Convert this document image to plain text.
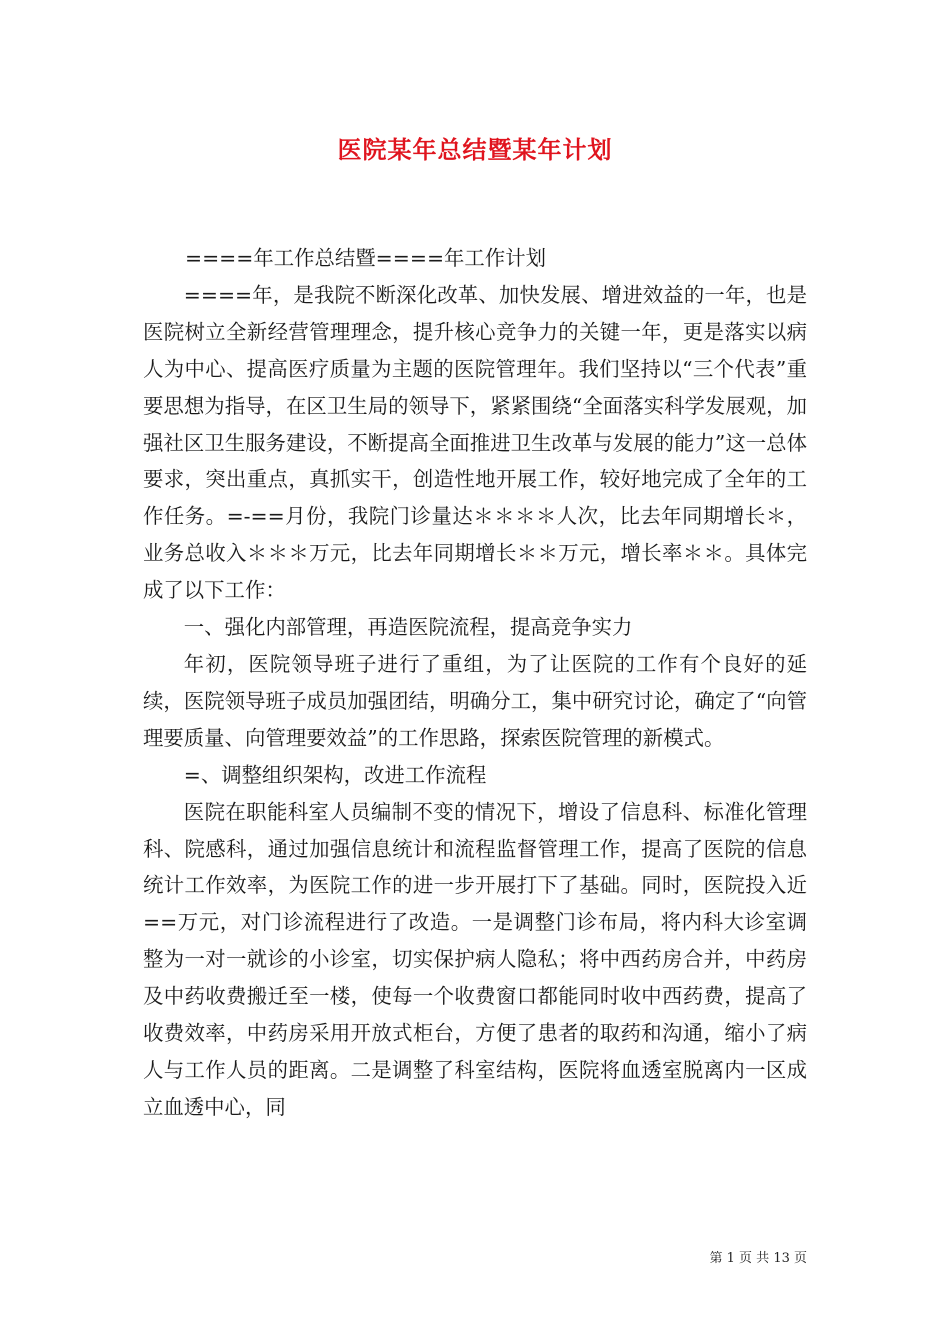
医院某年总结暨某年计划

====年工作总结暨====年工作计划

====年，是我院不断深化改革、加快发展、增进效益的一年，也是医院树立全新经营管理理念，提升核心竞争力的关键一年，更是落实以病人为中心、提高医疗质量为主题的医院管理年。我们坚持以“三个代表”重要思想为指导，在区卫生局的领导下，紧紧围绕“全面落实科学发展观，加强社区卫生服务建设，不断提高全面推进卫生改革与发展的能力”这一总体要求，突出重点，真抓实干，创造性地开展工作，较好地完成了全年的工作任务。=-==月份，我院门诊量达＊＊＊＊人次，比去年同期增长＊，业务总收入＊＊＊万元，比去年同期增长＊＊万元，增长率＊＊。具体完成了以下工作：

一、强化内部管理，再造医院流程，提高竞争实力

年初，医院领导班子进行了重组，为了让医院的工作有个良好的延续，医院领导班子成员加强团结，明确分工，集中研究讨论，确定了“向管理要质量、向管理要效益”的工作思路，探索医院管理的新模式。

=、调整组织架构，改进工作流程

医院在职能科室人员编制不变的情况下，增设了信息科、标准化管理科、院感科，通过加强信息统计和流程监督管理工作，提高了医院的信息统计工作效率，为医院工作的进一步开展打下了基础。同时，医院投入近==万元，对门诊流程进行了改造。一是调整门诊布局，将内科大诊室调整为一对一就诊的小诊室，切实保护病人隐私；将中西药房合并，中药房及中药收费搬迁至一楼，使每一个收费窗口都能同时收中西药费，提高了收费效率，中药房采用开放式柜台，方便了患者的取药和沟通，缩小了病人与工作人员的距离。二是调整了科室结构，医院将血透室脱离内一区成立血透中心，同

第 1 页 共 13 页
